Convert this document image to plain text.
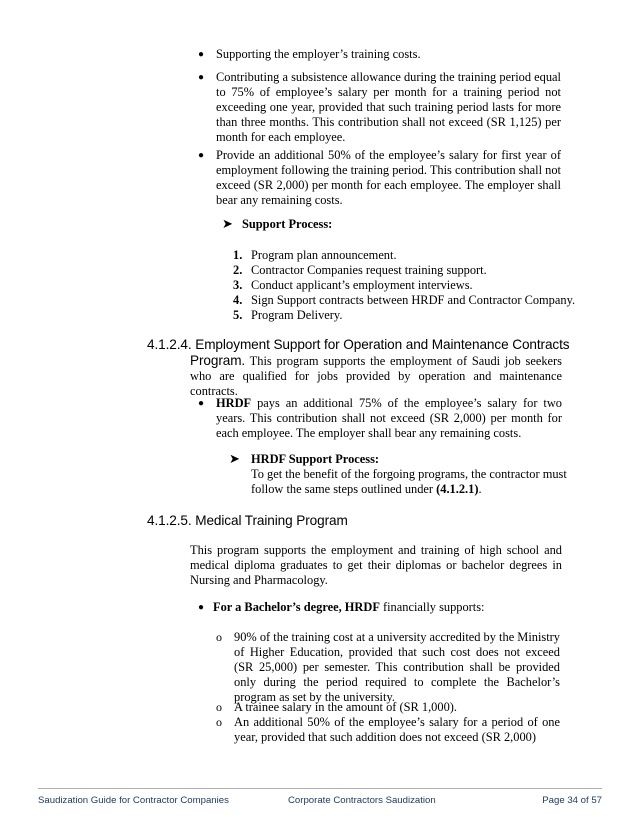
● Supporting the employer’s training costs.
● Contributing a subsistence allowance during the training period equal to 75% of employee’s salary per month for a training period not exceeding one year, provided that such training period lasts for more than three months. This contribution shall not exceed (SR 1,125) per month for each employee.
● Provide an additional 50% of the employee’s salary for first year of employment following the training period. This contribution shall not exceed (SR 2,000) per month for each employee. The employer shall bear any remaining costs.
➤ Support Process:
1. Program plan announcement.
2. Contractor Companies request training support.
3. Conduct applicant’s employment interviews.
4. Sign Support contracts between HRDF and Contractor Company.
5. Program Delivery.
4.1.2.4. Employment Support for Operation and Maintenance Contracts
Program. This program supports the employment of Saudi job seekers who are qualified for jobs provided by operation and maintenance contracts.
● HRDF pays an additional 75% of the employee’s salary for two years. This contribution shall not exceed (SR 2,000) per month for each employee. The employer shall bear any remaining costs.
➤ HRDF Support Process:
To get the benefit of the forgoing programs, the contractor must
follow the same steps outlined under (4.1.2.1).
4.1.2.5. Medical Training Program
This program supports the employment and training of high school and medical diploma graduates to get their diplomas or bachelor degrees in Nursing and Pharmacology.
● For a Bachelor’s degree, HRDF financially supports:
o 90% of the training cost at a university accredited by the Ministry of Higher Education, provided that such cost does not exceed (SR 25,000) per semester. This contribution shall be provided only during the period required to complete the Bachelor’s program as set by the university.
o A trainee salary in the amount of (SR 1,000).
o An additional 50% of the employee’s salary for a period of one year, provided that such addition does not exceed (SR 2,000)
Saudization Guide for Contractor Companies	Corporate Contractors Saudization	Page 34 of 57
